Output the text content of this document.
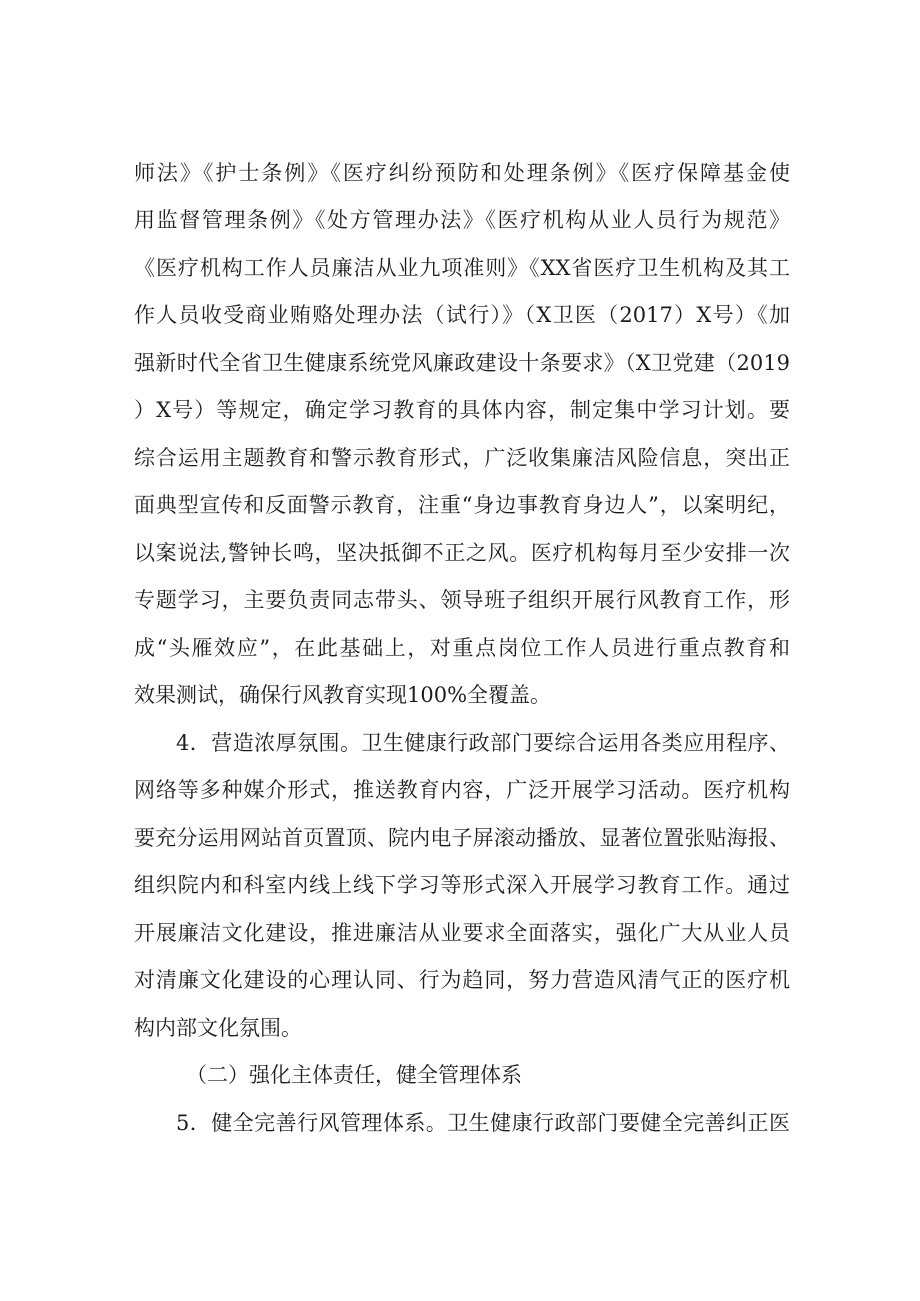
师法》《护士条例》《医疗纠纷预防和处理条例》《医疗保障基金使
用监督管理条例》《处方管理办法》《医疗机构从业人员行为规范》
《医疗机构工作人员廉洁从业九项准则》《XX省医疗卫生机构及其工
作人员收受商业贿赂处理办法（试行）》（X卫医（2017）X号）《加
强新时代全省卫生健康系统党风廉政建设十条要求》（X卫党建（2019
）X号）等规定，确定学习教育的具体内容，制定集中学习计划。要
综合运用主题教育和警示教育形式，广泛收集廉洁风险信息，突出正
面典型宣传和反面警示教育，注重“身边事教育身边人”，以案明纪，
以案说法,警钟长鸣，坚决抵御不正之风。医疗机构每月至少安排一次
专题学习，主要负责同志带头、领导班子组织开展行风教育工作，形
成“头雁效应”，在此基础上，对重点岗位工作人员进行重点教育和
效果测试，确保行风教育实现100%全覆盖。
4．营造浓厚氛围。卫生健康行政部门要综合运用各类应用程序、
网络等多种媒介形式，推送教育内容，广泛开展学习活动。医疗机构
要充分运用网站首页置顶、院内电子屏滚动播放、显著位置张贴海报、
组织院内和科室内线上线下学习等形式深入开展学习教育工作。通过
开展廉洁文化建设，推进廉洁从业要求全面落实，强化广大从业人员
对清廉文化建设的心理认同、行为趋同，努力营造风清气正的医疗机
构内部文化氛围。
（二）强化主体责任，健全管理体系
5．健全完善行风管理体系。卫生健康行政部门要健全完善纠正医
